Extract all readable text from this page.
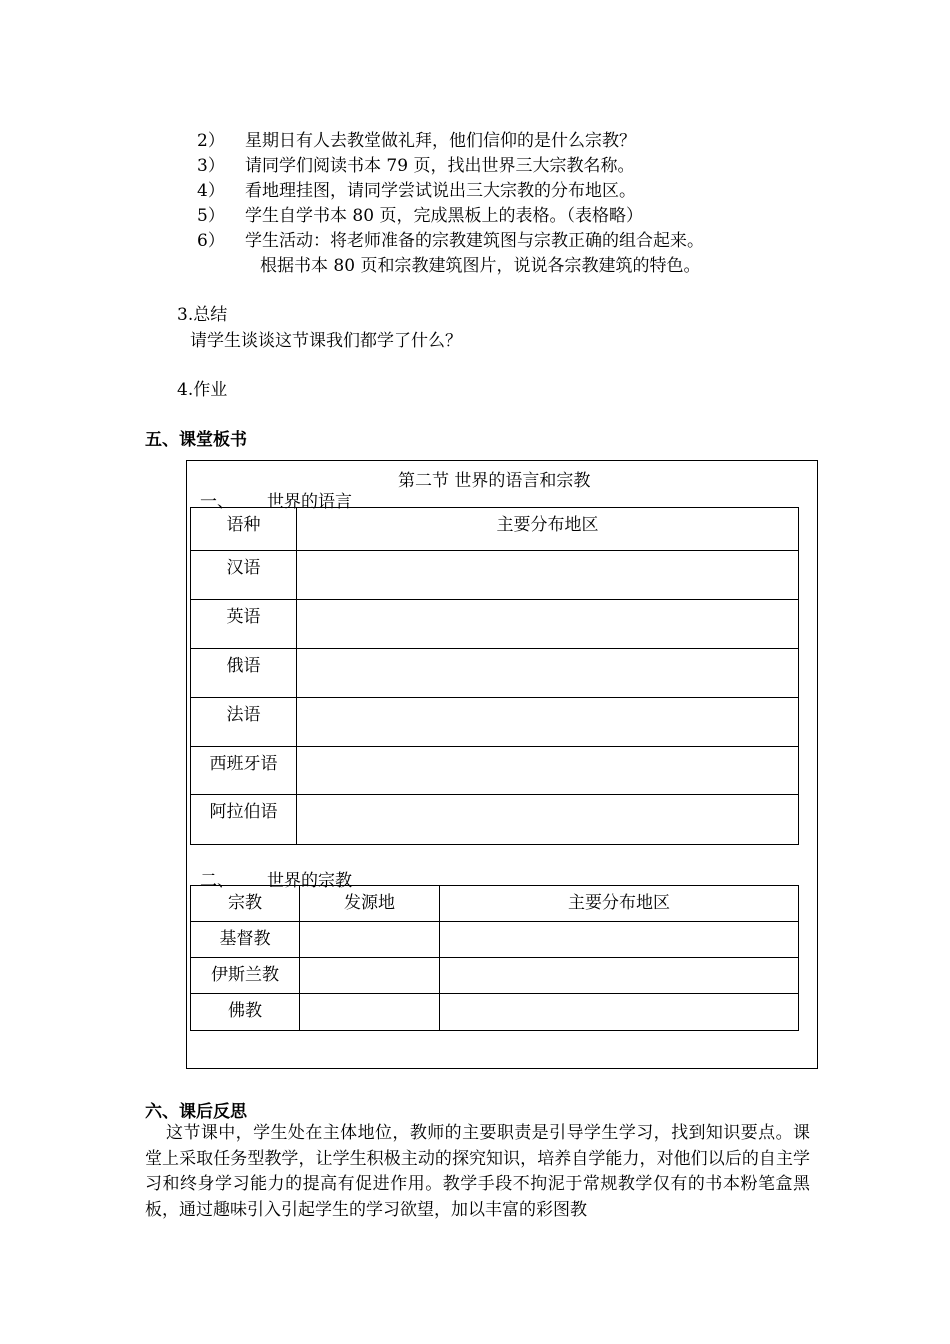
2）	星期日有人去教堂做礼拜，他们信仰的是什么宗教？
3）	请同学们阅读书本 79 页，找出世界三大宗教名称。
4）	看地理挂图，请同学尝试说出三大宗教的分布地区。
5）	学生自学书本 80 页，完成黑板上的表格。（表格略）
6）	学生活动：将老师准备的宗教建筑图与宗教正确的组合起来。
根据书本 80 页和宗教建筑图片，说说各宗教建筑的特色。
3.总结
请学生谈谈这节课我们都学了什么？
4.作业
五、课堂板书
第二节 世界的语言和宗教
一、 世界的语言
语种	主要分布地区

汉语	

英语	

俄语	

法语	

西班牙语	

阿拉伯语	

二、 世界的宗教
宗教	发源地	主要分布地区

基督教		

伊斯兰教		

佛教		

六、课后反思
这节课中，学生处在主体地位，教师的主要职责是引导学生学习，找到知识要点。课堂上采取任务型教学，让学生积极主动的探究知识，培养自学能力，对他们以后的自主学习和终身学习能力的提高有促进作用。教学手段不拘泥于常规教学仅有的书本粉笔盒黑板，通过趣味引入引起学生的学习欲望，加以丰富的彩图教
